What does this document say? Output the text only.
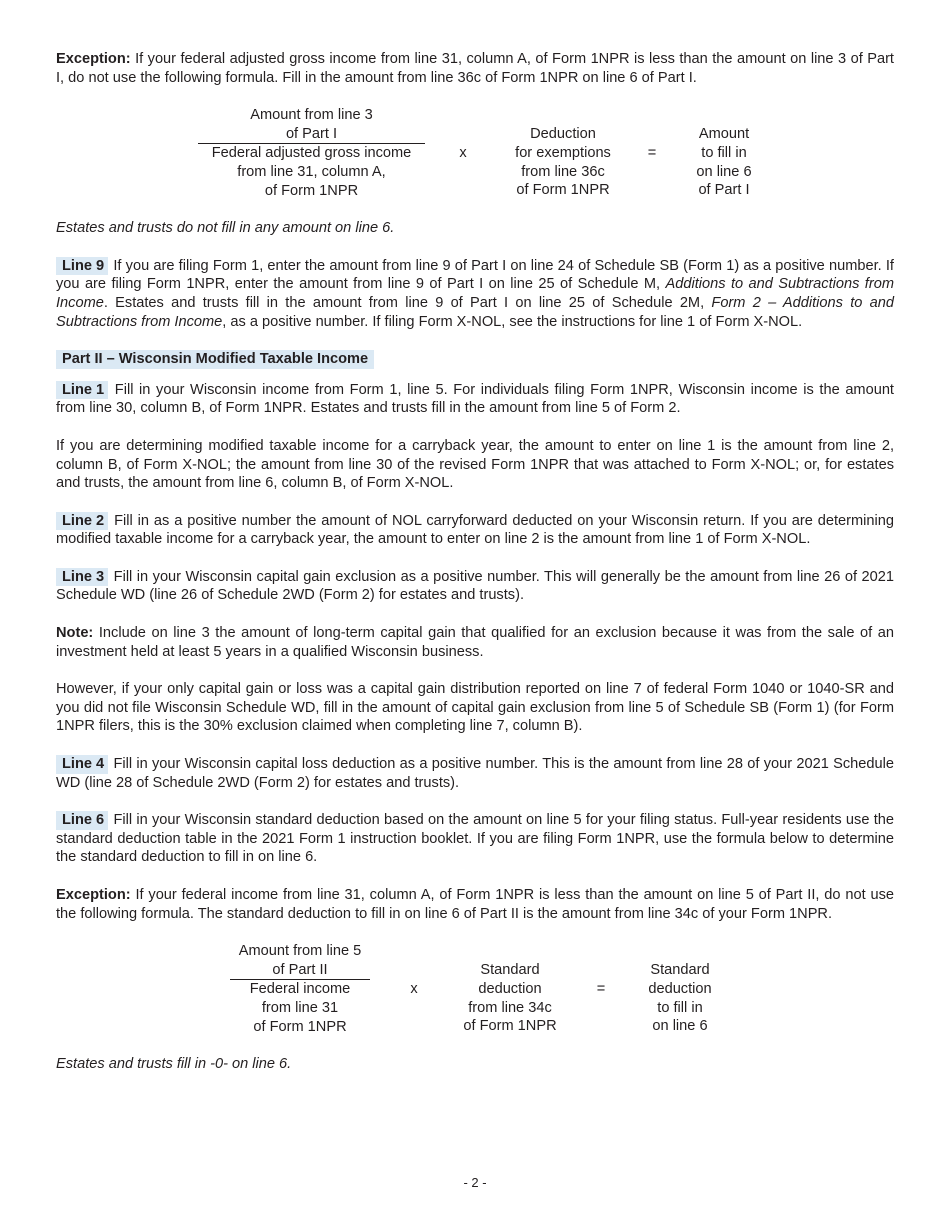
Exception: If your federal adjusted gross income from line 31, column A, of Form 1NPR is less than the amount on line 3 of Part I, do not use the following formula. Fill in the amount from line 36c of Form 1NPR on line 6 of Part I.

Amount from line 3
of Part I
Federal adjusted gross income
from line 31, column A,
of Form 1NPR
x
Deduction
for exemptions
from line 36c
of Form 1NPR
=
Amount
to fill in
on line 6
of Part I

Estates and trusts do not fill in any amount on line 6.

Line 9 If you are filing Form 1, enter the amount from line 9 of Part I on line 24 of Schedule SB (Form 1) as a positive number. If you are filing Form 1NPR, enter the amount from line 9 of Part I on line 25 of Schedule M, Additions to and Subtractions from Income. Estates and trusts fill in the amount from line 9 of Part I on line 25 of Schedule 2M, Form 2 – Additions to and Subtractions from Income, as a positive number. If filing Form X-NOL, see the instructions for line 1 of Form X-NOL.

Part II – Wisconsin Modified Taxable Income

Line 1 Fill in your Wisconsin income from Form 1, line 5. For individuals filing Form 1NPR, Wisconsin income is the amount from line 30, column B, of Form 1NPR. Estates and trusts fill in the amount from line 5 of Form 2.

If you are determining modified taxable income for a carryback year, the amount to enter on line 1 is the amount from line 2, column B, of Form X-NOL; the amount from line 30 of the revised Form 1NPR that was attached to Form X-NOL; or, for estates and trusts, the amount from line 6, column B, of Form X-NOL.

Line 2 Fill in as a positive number the amount of NOL carryforward deducted on your Wisconsin return. If you are determining modified taxable income for a carryback year, the amount to enter on line 2 is the amount from line 1 of Form X-NOL.

Line 3 Fill in your Wisconsin capital gain exclusion as a positive number. This will generally be the amount from line 26 of 2021 Schedule WD (line 26 of Schedule 2WD (Form 2) for estates and trusts).

Note: Include on line 3 the amount of long-term capital gain that qualified for an exclusion because it was from the sale of an investment held at least 5 years in a qualified Wisconsin business.

However, if your only capital gain or loss was a capital gain distribution reported on line 7 of federal Form 1040 or 1040-SR and you did not file Wisconsin Schedule WD, fill in the amount of capital gain exclusion from line 5 of Schedule SB (Form 1) (for Form 1NPR filers, this is the 30% exclusion claimed when completing line 7, column B).

Line 4 Fill in your Wisconsin capital loss deduction as a positive number. This is the amount from line 28 of your 2021 Schedule WD (line 28 of Schedule 2WD (Form 2) for estates and trusts).

Line 6 Fill in your Wisconsin standard deduction based on the amount on line 5 for your filing status. Full-year residents use the standard deduction table in the 2021 Form 1 instruction booklet. If you are filing Form 1NPR, use the formula below to determine the standard deduction to fill in on line 6.

Exception: If your federal income from line 31, column A, of Form 1NPR is less than the amount on line 5 of Part II, do not use the following formula. The standard deduction to fill in on line 6 of Part II is the amount from line 34c of your Form 1NPR.

Amount from line 5
of Part II
Federal income
from line 31
of Form 1NPR	x
Standard
deduction
from line 34c
of Form 1NPR
=
Standard
deduction
to fill in
on line 6

Estates and trusts fill in -0- on line 6.

- 2 -
